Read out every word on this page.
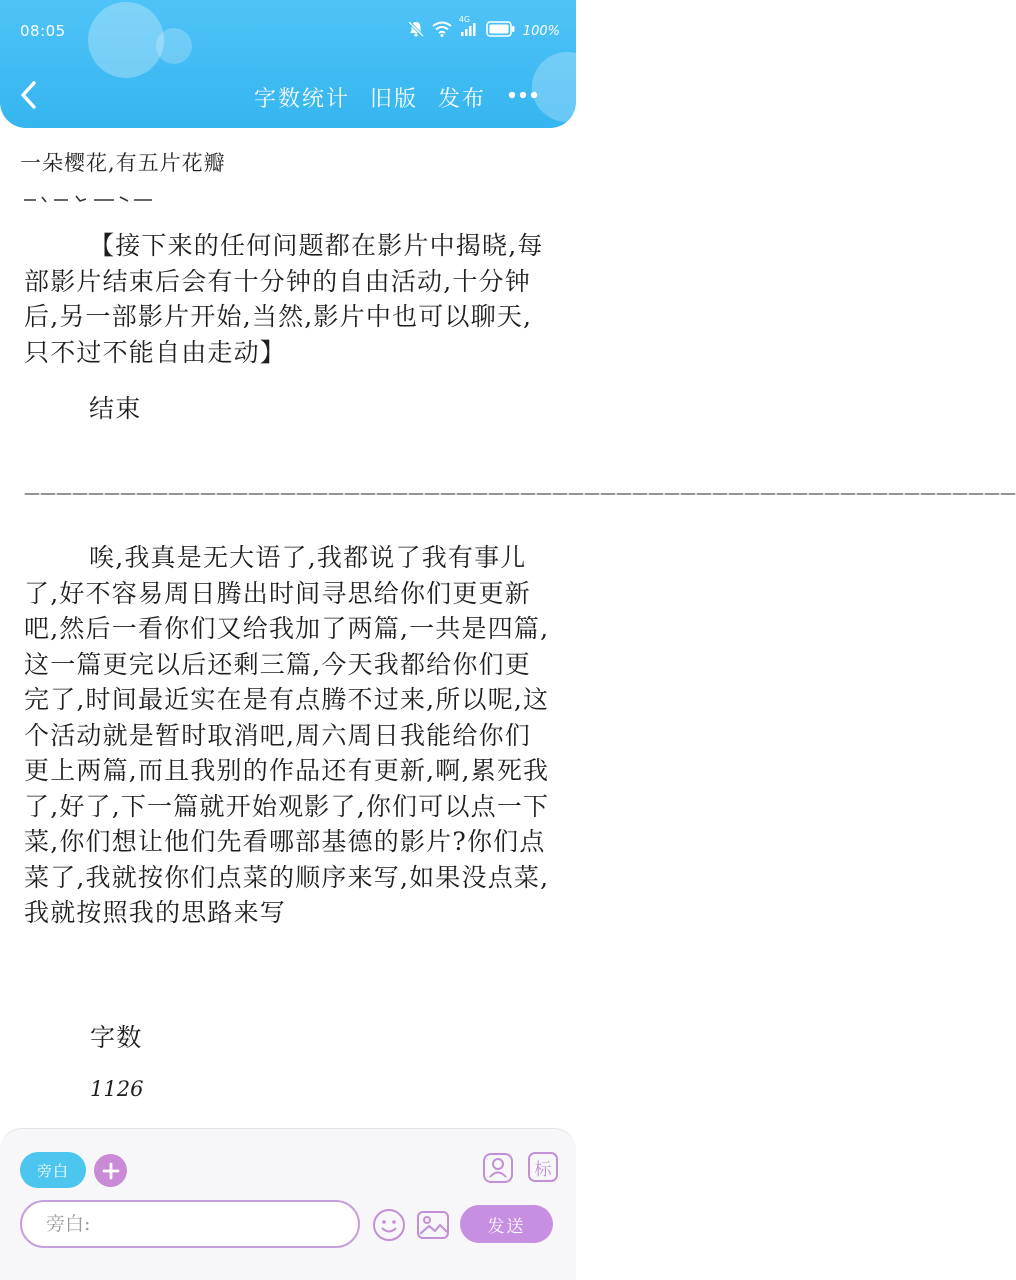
08:05
4G
100%
字数统计 旧版 发布
一朵樱花,有五片花瓣

【接下来的任何问题都在影片中揭晓,每部影片结束后会有十分钟的自由活动,十分钟后,另一部影片开始,当然,影片中也可以聊天,只不过不能自由走动】

结束

——————————————————————————————————————————————————————————————

唉,我真是无大语了,我都说了我有事儿了,好不容易周日腾出时间寻思给你们更更新吧,然后一看你们又给我加了两篇,一共是四篇,这一篇更完以后还剩三篇,今天我都给你们更完了,时间最近实在是有点腾不过来,所以呢,这个活动就是暂时取消吧,周六周日我能给你们更上两篇,而且我别的作品还有更新,啊,累死我了,好了,下一篇就开始观影了,你们可以点一下菜,你们想让他们先看哪部基德的影片?你们点菜了,我就按你们点菜的顺序来写,如果没点菜,我就按照我的思路来写

字数

1126

旁白	标
旁白:
发送
